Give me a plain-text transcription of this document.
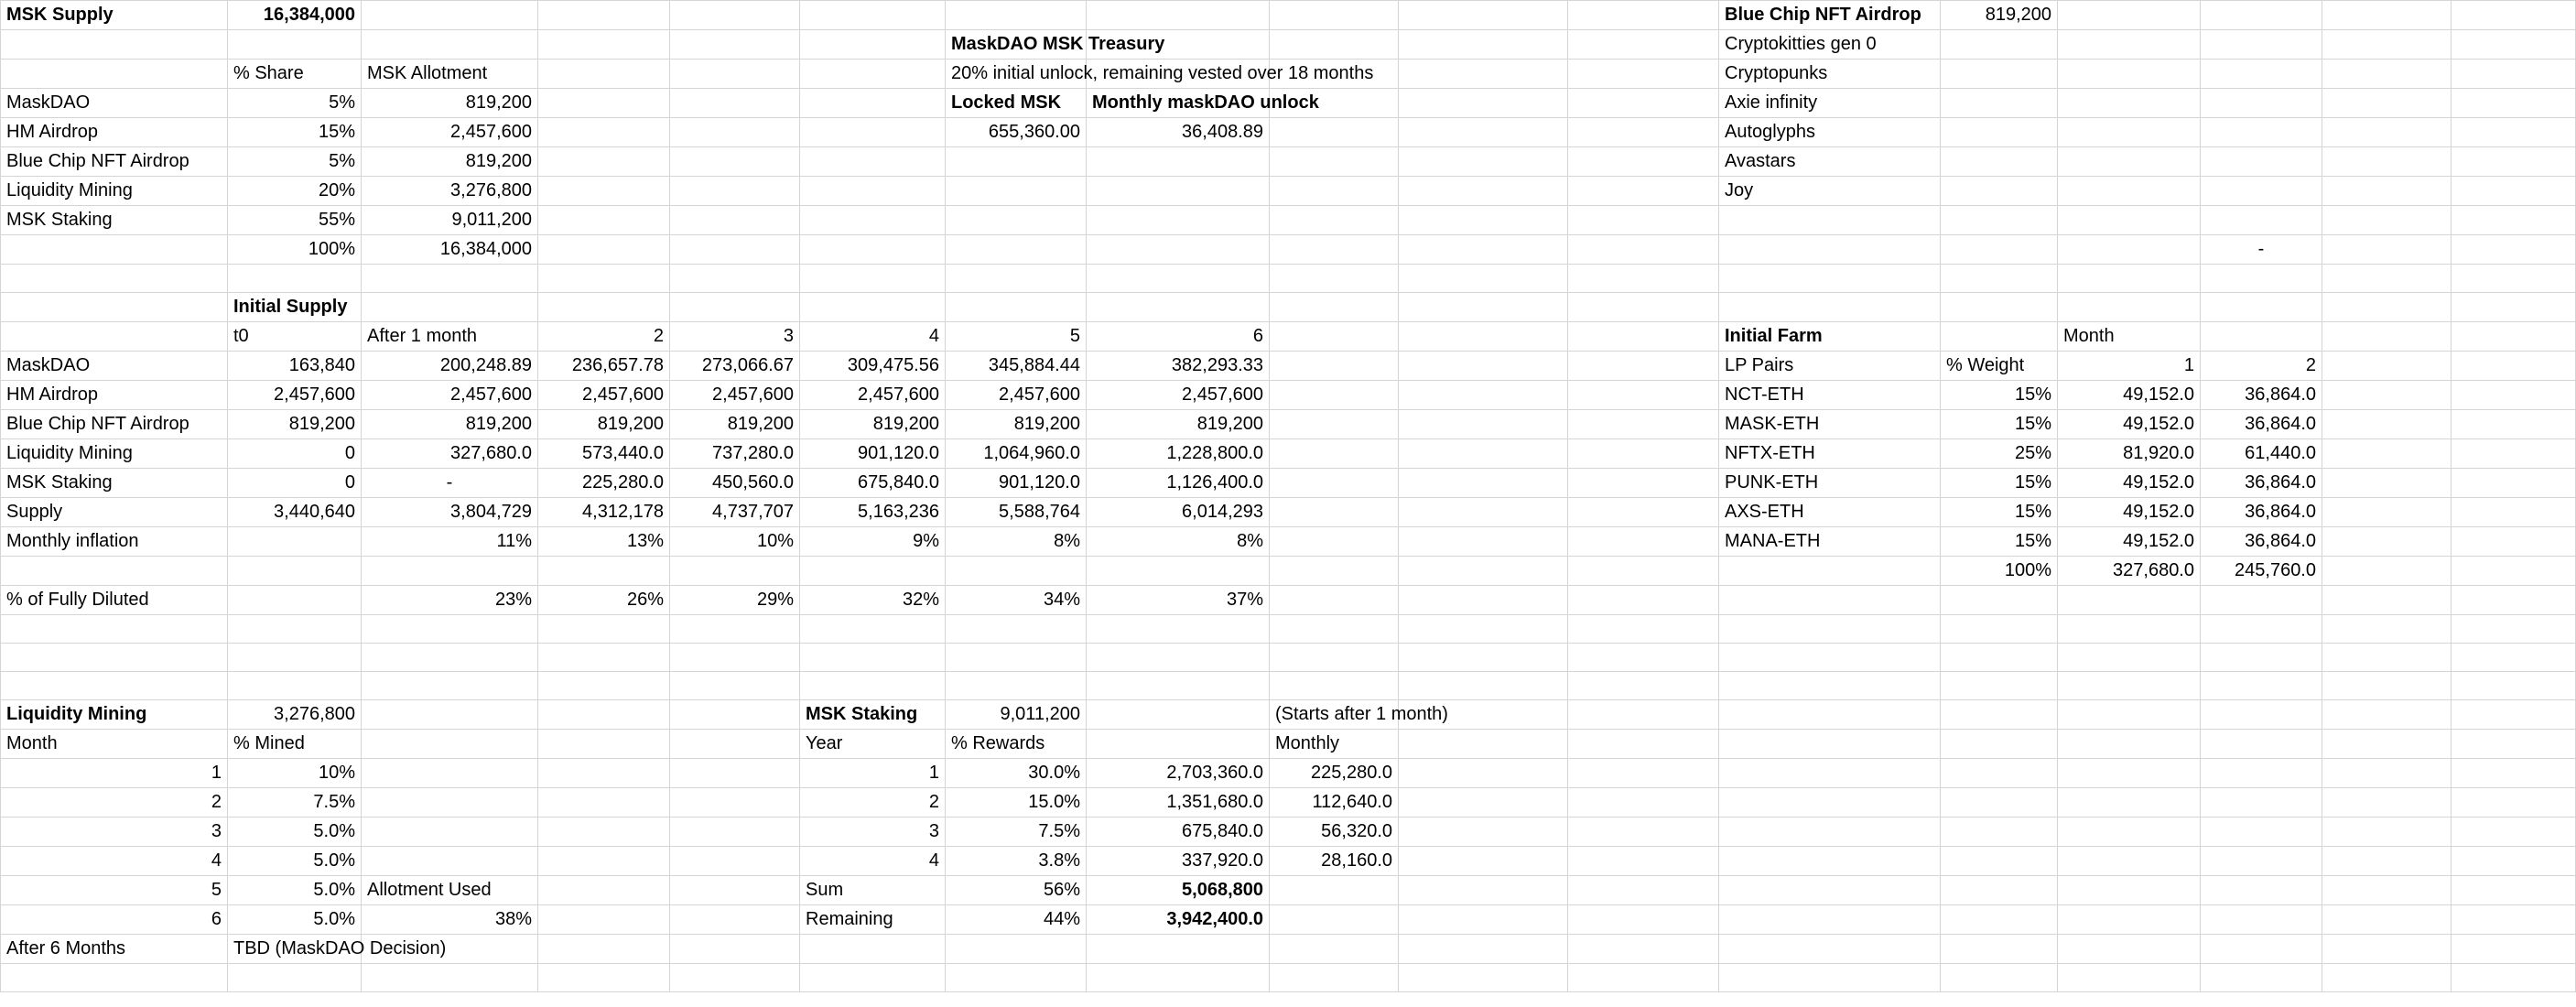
MSK Supply	16,384,000										Blue Chip NFT Airdrop	819,200				
						MaskDAO MSK Treasury					Cryptokitties gen 0					
	% Share	MSK Allotment				20% initial unlock, remaining vested over 18 months					Cryptopunks					
MaskDAO	5%	819,200				Locked MSK	Monthly maskDAO unlock				Axie infinity					
HM Airdrop	15%	2,457,600				655,360.00	36,408.89				Autoglyphs					
Blue Chip NFT Airdrop	5%	819,200									Avastars					
Liquidity Mining	20%	3,276,800									Joy					
MSK Staking	55%	9,011,200														
	100%	16,384,000												-		

	Initial Supply															
	t0	After 1 month	2	3	4	5	6				Initial Farm		Month			
MaskDAO	163,840	200,248.89	236,657.78	273,066.67	309,475.56	345,884.44	382,293.33				LP Pairs	% Weight	1	2		
HM Airdrop	2,457,600	2,457,600	2,457,600	2,457,600	2,457,600	2,457,600	2,457,600				NCT-ETH	15%	49,152.0	36,864.0		
Blue Chip NFT Airdrop	819,200	819,200	819,200	819,200	819,200	819,200	819,200				MASK-ETH	15%	49,152.0	36,864.0		
Liquidity Mining	0	327,680.0	573,440.0	737,280.0	901,120.0	1,064,960.0	1,228,800.0				NFTX-ETH	25%	81,920.0	61,440.0		
MSK Staking	0	-	225,280.0	450,560.0	675,840.0	901,120.0	1,126,400.0				PUNK-ETH	15%	49,152.0	36,864.0		
Supply	3,440,640	3,804,729	4,312,178	4,737,707	5,163,236	5,588,764	6,014,293				AXS-ETH	15%	49,152.0	36,864.0		
Monthly inflation		11%	13%	10%	9%	8%	8%				MANA-ETH	15%	49,152.0	36,864.0		
												100%	327,680.0	245,760.0		
% of Fully Diluted		23%	26%	29%	32%	34%	37%									

Liquidity Mining	3,276,800				MSK Staking	9,011,200		(Starts after 1 month)								
Month	% Mined				Year	% Rewards		Monthly								
1	10%				1	30.0%	2,703,360.0	225,280.0								
2	7.5%				2	15.0%	1,351,680.0	112,640.0								
3	5.0%				3	7.5%	675,840.0	56,320.0								
4	5.0%				4	3.8%	337,920.0	28,160.0								
5	5.0%	Allotment Used			Sum	56%	5,068,800									
6	5.0%	38%			Remaining	44%	3,942,400.0									
After 6 Months	TBD (MaskDAO Decision)															
